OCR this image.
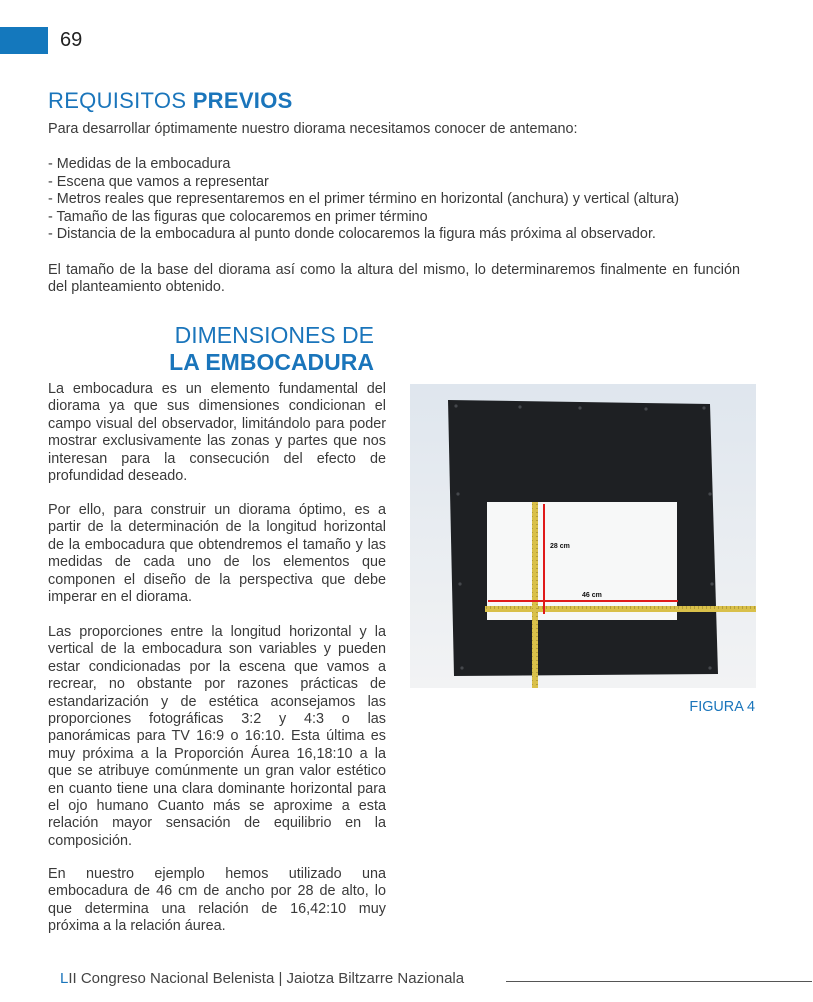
69
REQUISITOS PREVIOS

Para desarrollar óptimamente nuestro diorama necesitamos conocer de antemano:

- Medidas de la embocadura
- Escena que vamos a representar
- Metros reales que representaremos en el primer término en horizontal (anchura) y vertical (altura)
- Tamaño de las figuras que colocaremos en primer término
- Distancia de la embocadura al punto donde colocaremos la figura más próxima al observador.

El tamaño de la base del diorama así como la altura del mismo, lo determinaremos finalmente en función del planteamiento obtenido.

DIMENSIONES DE
LA EMBOCADURA

La embocadura es un elemento fundamental del diorama ya que sus dimensiones condicionan el campo visual del observador, limitándolo para poder mostrar exclusivamente las zonas y partes que nos interesan para la consecución del efecto de profundidad deseado.

Por ello, para construir un diorama óptimo, es a partir de la determinación de la longitud horizontal de la embocadura que obtendremos el tamaño y las medidas de cada uno de los elementos que componen el diseño de la perspectiva que debe imperar en el diorama.

Las proporciones entre la longitud horizontal y la vertical de la embocadura son variables y pueden estar condicionadas por la escena que vamos a recrear, no obstante por razones prácticas de estandarización y de estética aconsejamos las proporciones fotográficas 3:2 y 4:3 o las panorámicas para TV 16:9 o 16:10. Esta última es muy próxima a la Proporción Áurea 16,18:10 a la que se atribuye comúnmente un gran valor estético en cuanto tiene una clara dominante horizontal para el ojo humano Cuanto más se aproxime a esta relación mayor sensación de equilibrio en la composición.

En nuestro ejemplo hemos utilizado una embocadura de 46 cm de ancho por 28 de alto, lo que determina una relación de 16,42:10 muy próxima a la relación áurea.

28 cm
46 cm
FIGURA 4
LII Congreso Nacional Belenista | Jaiotza Biltzarre Nazionala
